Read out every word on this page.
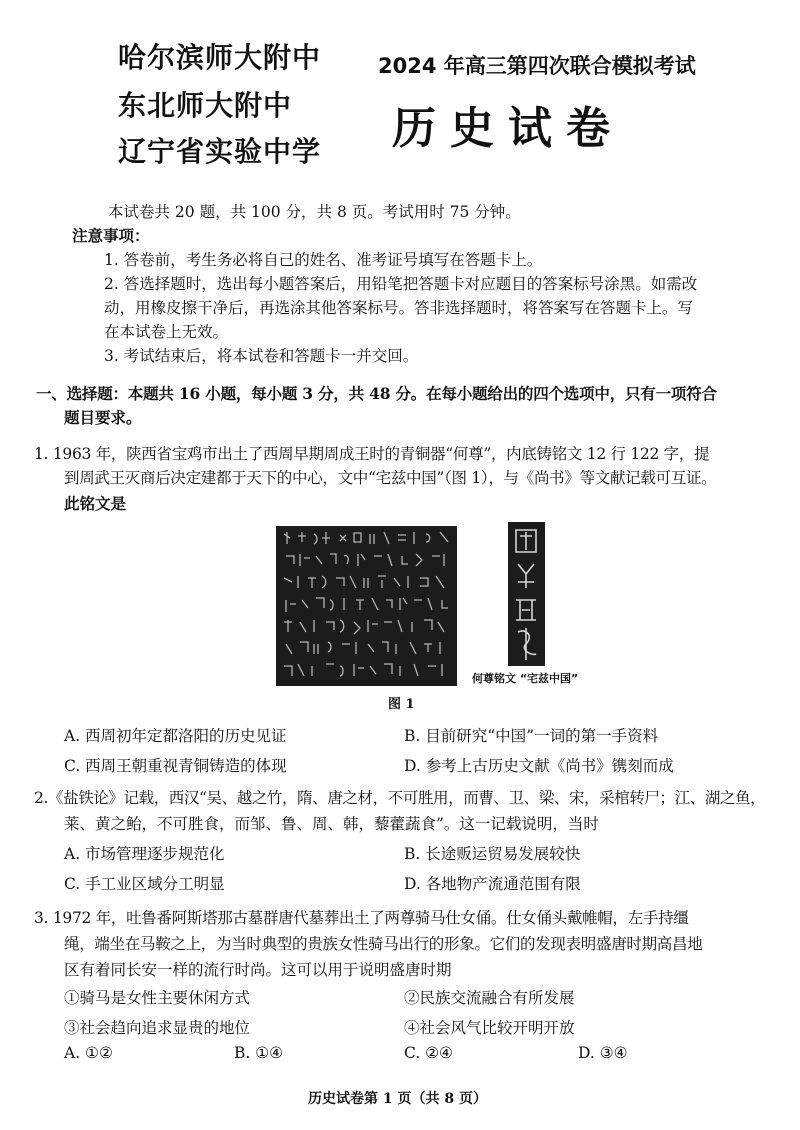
哈尔滨师大附中
东北师大附中
辽宁省实验中学
2024 年高三第四次联合模拟考试
历史试卷
本试卷共 20 题，共 100 分，共 8 页。考试用时 75 分钟。
注意事项：
1. 答卷前，考生务必将自己的姓名、准考证号填写在答题卡上。
2. 答选择题时，选出每小题答案后，用铅笔把答题卡对应题目的答案标号涂黑。如需改
动，用橡皮擦干净后，再选涂其他答案标号。答非选择题时，将答案写在答题卡上。写
在本试卷上无效。
3. 考试结束后，将本试卷和答题卡一并交回。
一、选择题：本题共 16 小题，每小题 3 分，共 48 分。在每小题给出的四个选项中，只有一项符合
题目要求。
1. 1963 年，陕西省宝鸡市出土了西周早期周成王时的青铜器“何尊”，内底铸铭文 12 行 122 字，提
到周武王灭商后决定建都于天下的中心，文中“宅兹中国”（图 1），与《尚书》等文献记载可互证。
此铭文是
何尊铭文 “宅兹中国”
图 1
A. 西周初年定都洛阳的历史见证	B. 目前研究“中国”一词的第一手资料
C. 西周王朝重视青铜铸造的体现	D. 参考上古历史文献《尚书》镌刻而成
2.《盐铁论》记载，西汉“吴、越之竹，隋、唐之材，不可胜用，而曹、卫、梁、宋，采棺转尸；江、湖之鱼，
莱、黄之鲐，不可胜食，而邹、鲁、周、韩，藜藿蔬食”。这一记载说明，当时
A. 市场管理逐步规范化	B. 长途贩运贸易发展较快
C. 手工业区域分工明显	D. 各地物产流通范围有限
3. 1972 年，吐鲁番阿斯塔那古墓群唐代墓葬出土了两尊骑马仕女俑。仕女俑头戴帷帽，左手持缰
绳，端坐在马鞍之上，为当时典型的贵族女性骑马出行的形象。它们的发现表明盛唐时期高昌地
区有着同长安一样的流行时尚。这可以用于说明盛唐时期
①骑马是女性主要休闲方式	②民族交流融合有所发展
③社会趋向追求显贵的地位	④社会风气比较开明开放
A. ①②	B. ①④	C. ②④	D. ③④
历史试卷第 1 页（共 8 页）
